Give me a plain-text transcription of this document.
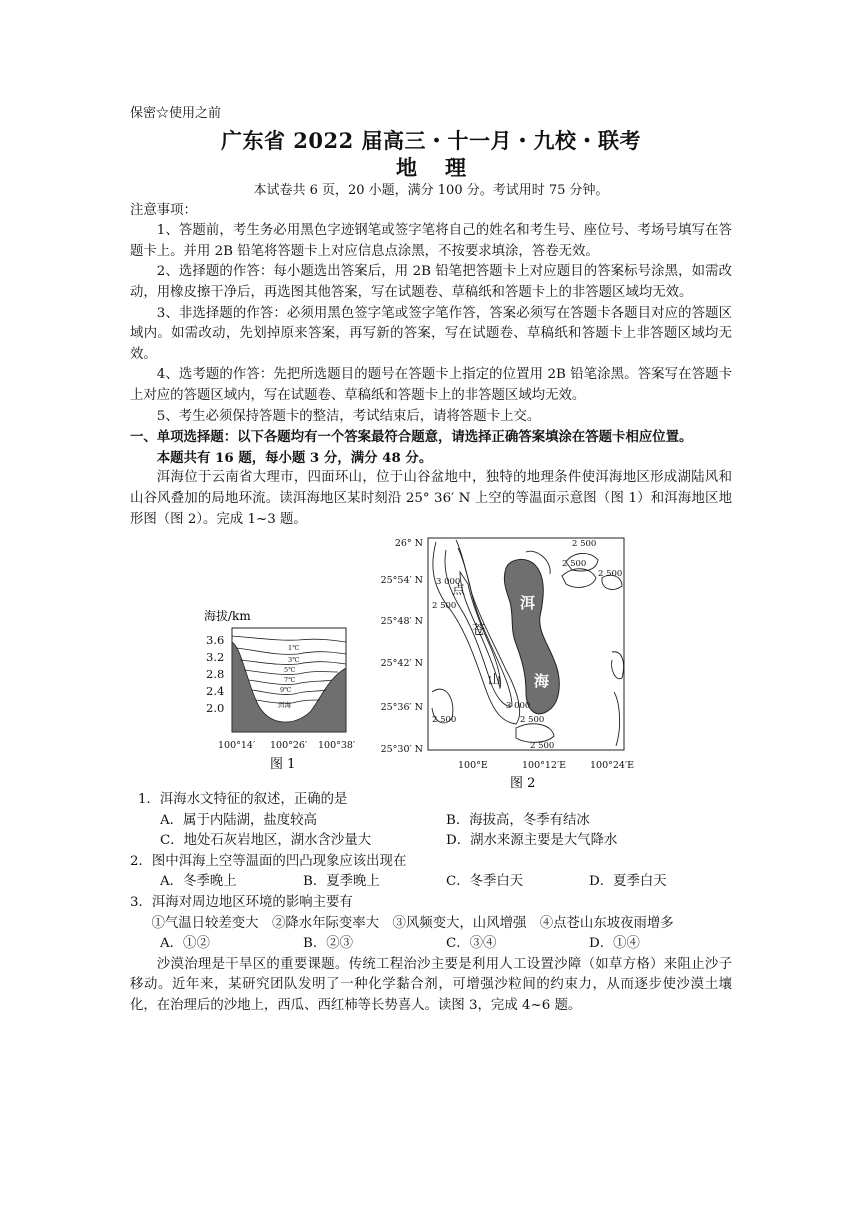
保密☆使用之前
广东省 2022 届高三・十一月・九校・联考
地理
本试卷共 6 页，20 小题，满分 100 分。考试用时 75 分钟。
注意事项：
1、答题前，考生务必用黑色字迹钢笔或签字笔将自己的姓名和考生号、座位号、考场号填写在答题卡上。并用 2B 铅笔将答题卡上对应信息点涂黑，不按要求填涂，答卷无效。
2、选择题的作答：每小题选出答案后，用 2B 铅笔把答题卡上对应题目的答案标号涂黑，如需改动，用橡皮擦干净后，再选图其他答案，写在试题卷、草稿纸和答题卡上的非答题区域均无效。
3、非选择题的作答：必须用黑色签字笔或签字笔作答，答案必须写在答题卡各题目对应的答题区域内。如需改动，先划掉原来答案，再写新的答案，写在试题卷、草稿纸和答题卡上非答题区域均无效。
4、选考题的作答：先把所选题目的题号在答题卡上指定的位置用 2B 铅笔涂黑。答案写在答题卡上对应的答题区域内，写在试题卷、草稿纸和答题卡上的非答题区域均无效。
5、考生必须保持答题卡的整洁，考试结束后，请将答题卡上交。
一、单项选择题：以下各题均有一个答案最符合题意，请选择正确答案填涂在答题卡相应位置。
本题共有 16 题，每小题 3 分，满分 48 分。
洱海位于云南省大理市，四面环山，位于山谷盆地中，独特的地理条件使洱海地区形成湖陆风和山谷风叠加的局地环流。读洱海地区某时刻沿 25° 36′ N 上空的等温面示意图（图 1）和洱海地区地形图（图 2）。完成 1~3 题。
海拔/km
1℃
3℃
5℃
7℃
9℃
洱海
3.6
3.2
2.8
2.4
2.0
100°14′ 100°26′ 100°38′
图 1
洱
海
点
苍
山
2 500
2 500
2 500
3 000
2 500
3 000
2 500
2 500
2 500
26° N
25°54′ N
25°48′ N
25°42′ N
25°36′ N
25°30′ N
100°E	100°12′E	100°24′E
图 2
1．洱海水文特征的叙述，正确的是
A．属于内陆湖，盐度较高	B．海拔高，冬季有结冰
C．地处石灰岩地区，湖水含沙量大	D．湖水来源主要是大气降水
2．图中洱海上空等温面的凹凸现象应该出现在
A．冬季晚上	B．夏季晚上	C．冬季白天	D．夏季白天
3．洱海对周边地区环境的影响主要有
①气温日较差变大　②降水年际变率大　③风频变大，山风增强　④点苍山东坡夜雨增多
A．①②	B．②③	C．③④	D．①④
沙漠治理是干旱区的重要课题。传统工程治沙主要是利用人工设置沙障（如草方格）来阻止沙子移动。近年来，某研究团队发明了一种化学黏合剂，可增强沙粒间的约束力，从而逐步使沙漠土壤化，在治理后的沙地上，西瓜、西红柿等长势喜人。读图 3，完成 4~6 题。
